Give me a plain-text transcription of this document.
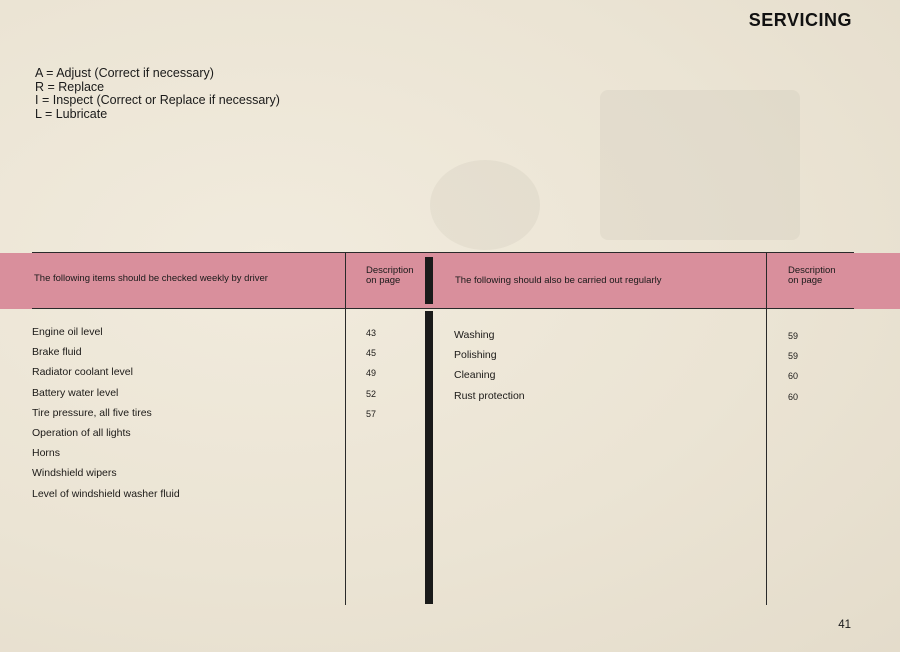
SERVICING
A = Adjust (Correct if necessary)
R = Replace
I = Inspect (Correct or Replace if necessary)
L = Lubricate
The following items should be checked weekly by driver
Description on page	The following should also be carried out regularly
Description on page
Engine oil level
Brake fluid
Radiator coolant level
Battery water level
Tire pressure, all five tires
Operation of all lights
Horns
Windshield wipers
Level of windshield washer fluid
43
45
49
52
57
Washing
Polishing
Cleaning
Rust protection
59
59
60
60
41
